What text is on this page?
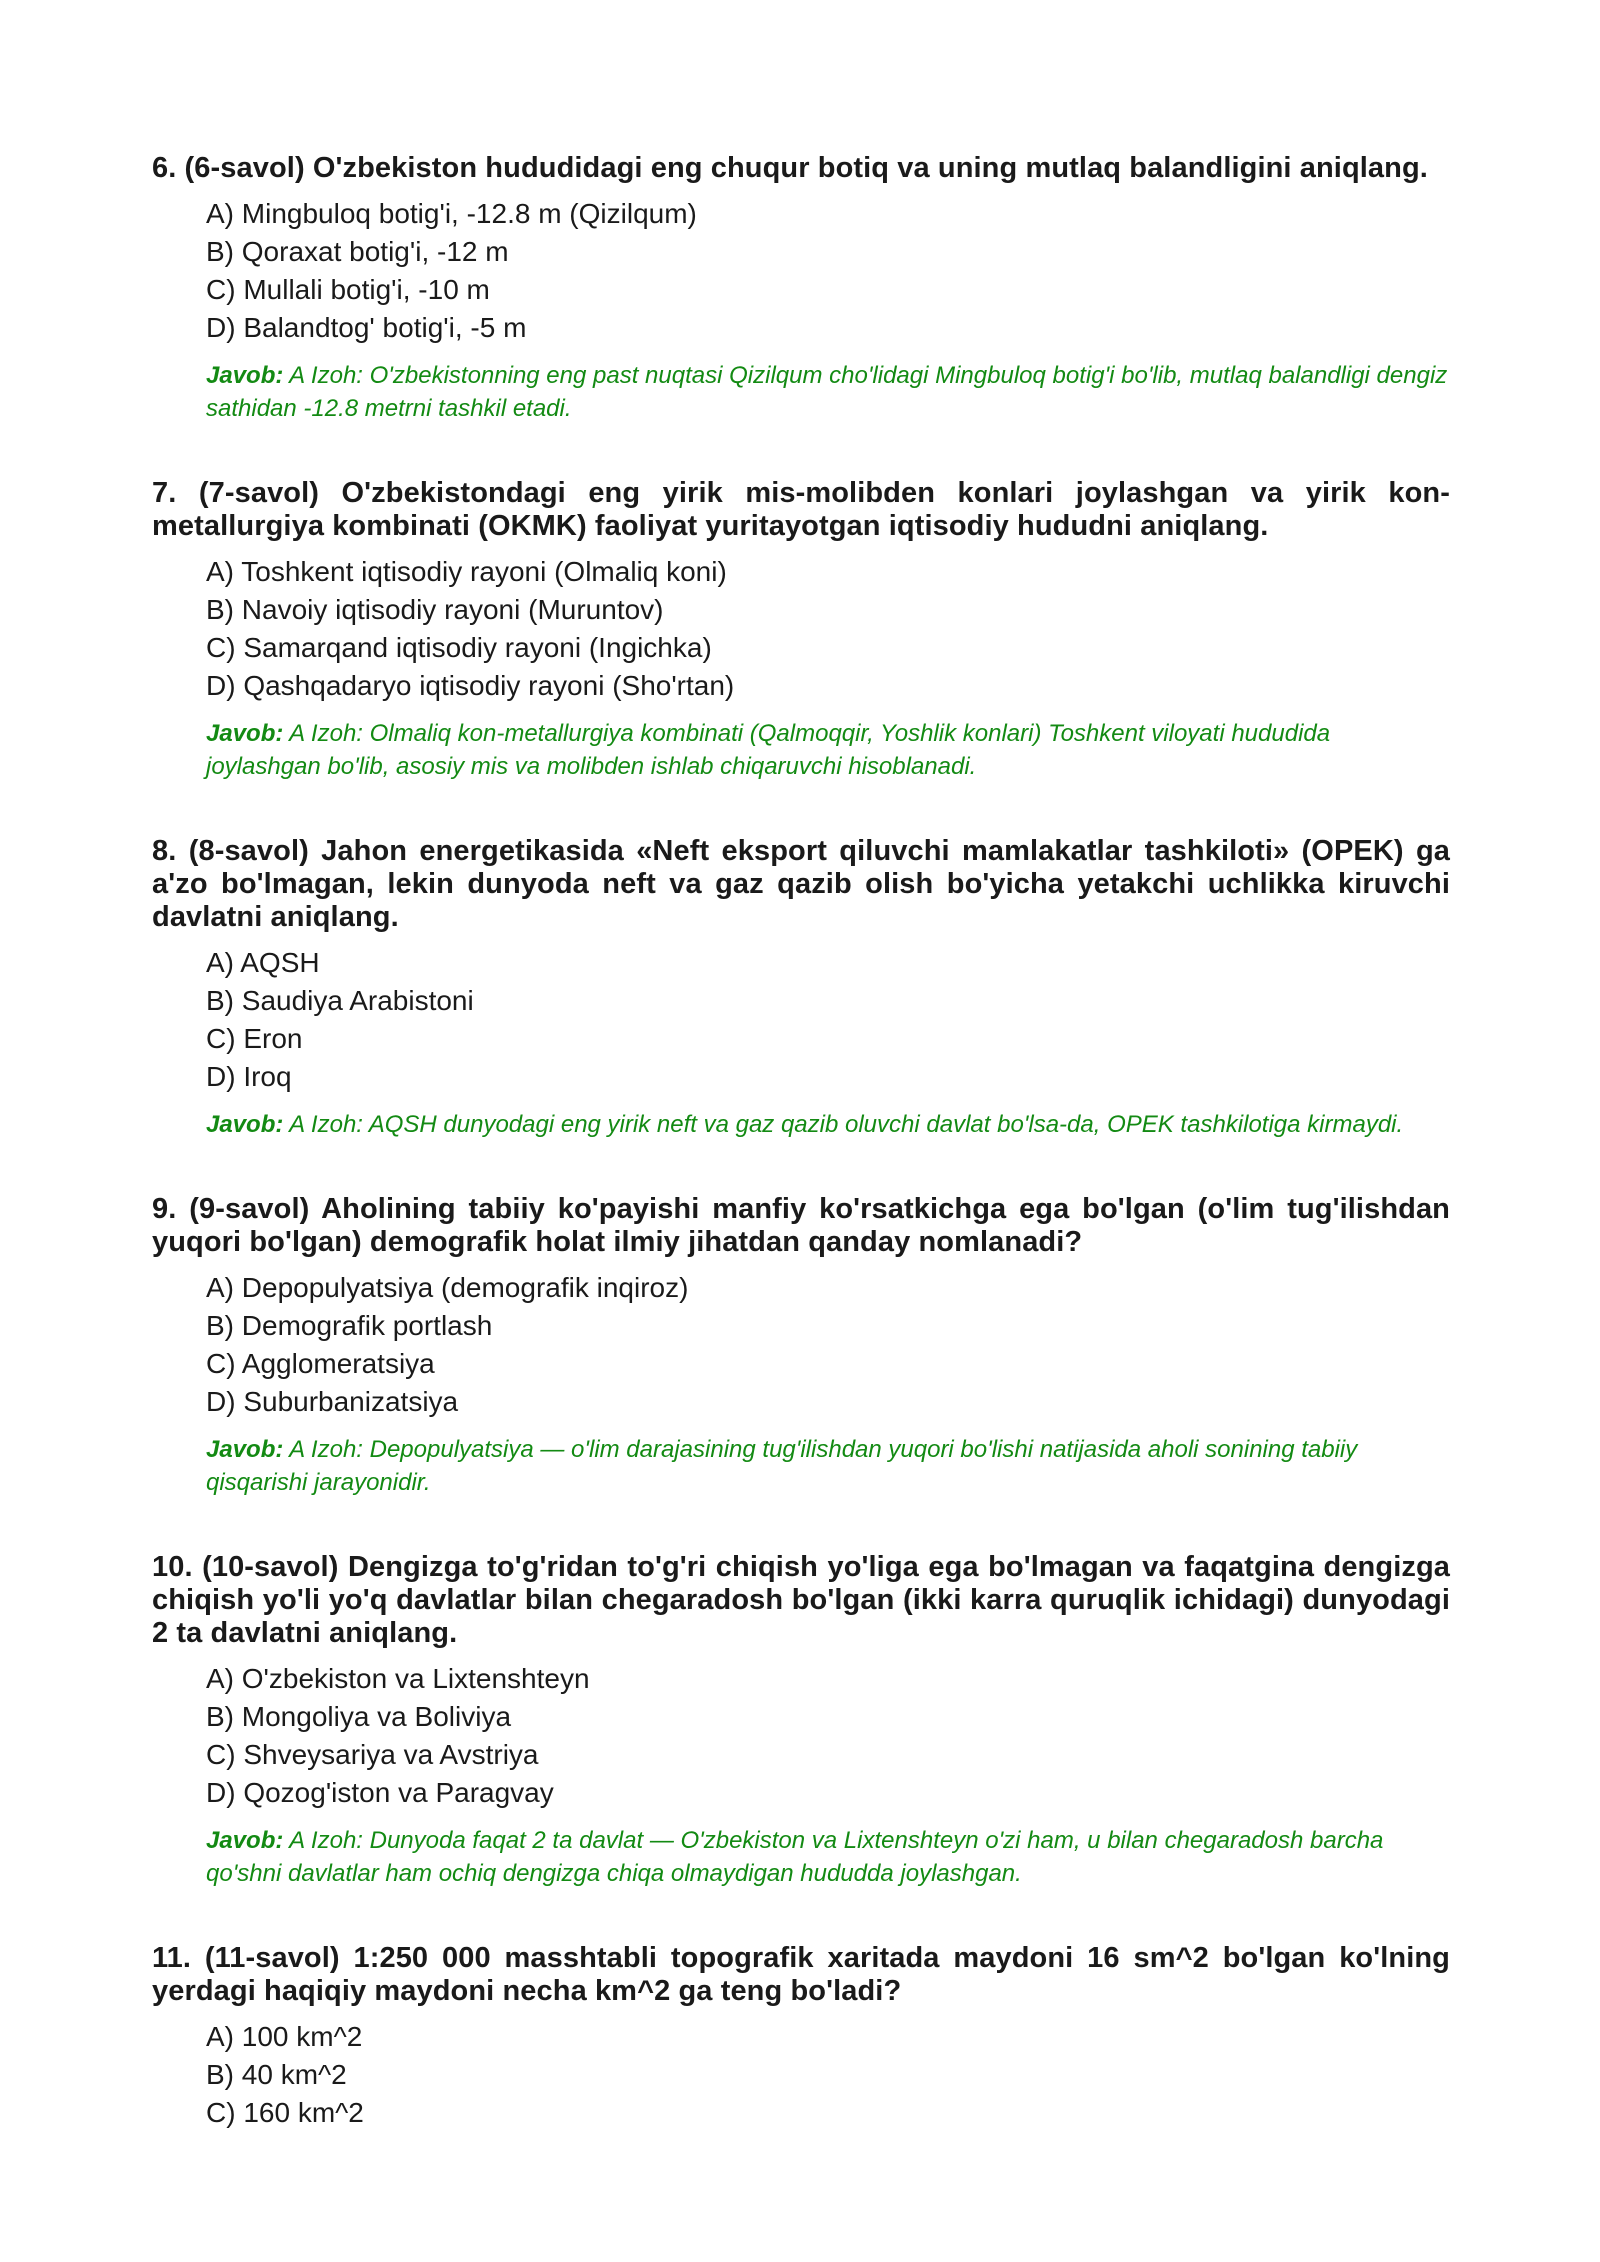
6. (6-savol) O'zbekiston hududidagi eng chuqur botiq va uning mutlaq balandligini aniqlang.
A) Mingbuloq botig'i, -12.8 m (Qizilqum)
B) Qoraxat botig'i, -12 m
C) Mullali botig'i, -10 m
D) Balandtog' botig'i, -5 m
Javob: A Izoh: O'zbekistonning eng past nuqtasi Qizilqum cho'lidagi Mingbuloq botig'i bo'lib, mutlaq balandligi dengiz sathidan -12.8 metrni tashkil etadi.
7. (7-savol) O'zbekistondagi eng yirik mis-molibden konlari joylashgan va yirik kon-metallurgiya kombinati (OKMK) faoliyat yuritayotgan iqtisodiy hududni aniqlang.
A) Toshkent iqtisodiy rayoni (Olmaliq koni)
B) Navoiy iqtisodiy rayoni (Muruntov)
C) Samarqand iqtisodiy rayoni (Ingichka)
D) Qashqadaryo iqtisodiy rayoni (Sho'rtan)
Javob: A Izoh: Olmaliq kon-metallurgiya kombinati (Qalmoqqir, Yoshlik konlari) Toshkent viloyati hududida joylashgan bo'lib, asosiy mis va molibden ishlab chiqaruvchi hisoblanadi.
8. (8-savol) Jahon energetikasida «Neft eksport qiluvchi mamlakatlar tashkiloti» (OPEK) ga a'zo bo'lmagan, lekin dunyoda neft va gaz qazib olish bo'yicha yetakchi uchlikka kiruvchi davlatni aniqlang.
A) AQSH
B) Saudiya Arabistoni
C) Eron
D) Iroq
Javob: A Izoh: AQSH dunyodagi eng yirik neft va gaz qazib oluvchi davlat bo'lsa-da, OPEK tashkilotiga kirmaydi.
9. (9-savol) Aholining tabiiy ko'payishi manfiy ko'rsatkichga ega bo'lgan (o'lim tug'ilishdan yuqori bo'lgan) demografik holat ilmiy jihatdan qanday nomlanadi?
A) Depopulyatsiya (demografik inqiroz)
B) Demografik portlash
C) Agglomeratsiya
D) Suburbanizatsiya
Javob: A Izoh: Depopulyatsiya — o'lim darajasining tug'ilishdan yuqori bo'lishi natijasida aholi sonining tabiiy qisqarishi jarayonidir.
10. (10-savol) Dengizga to'g'ridan to'g'ri chiqish yo'liga ega bo'lmagan va faqatgina dengizga chiqish yo'li yo'q davlatlar bilan chegaradosh bo'lgan (ikki karra quruqlik ichidagi) dunyodagi 2 ta davlatni aniqlang.
A) O'zbekiston va Lixtenshteyn
B) Mongoliya va Boliviya
C) Shveysariya va Avstriya
D) Qozog'iston va Paragvay
Javob: A Izoh: Dunyoda faqat 2 ta davlat — O'zbekiston va Lixtenshteyn o'zi ham, u bilan chegaradosh barcha qo'shni davlatlar ham ochiq dengizga chiqa olmaydigan hududda joylashgan.
11. (11-savol) 1:250 000 masshtabli topografik xaritada maydoni 16 sm^2 bo'lgan ko'lning yerdagi haqiqiy maydoni necha km^2 ga teng bo'ladi?
A) 100 km^2
B) 40 km^2
C) 160 km^2
